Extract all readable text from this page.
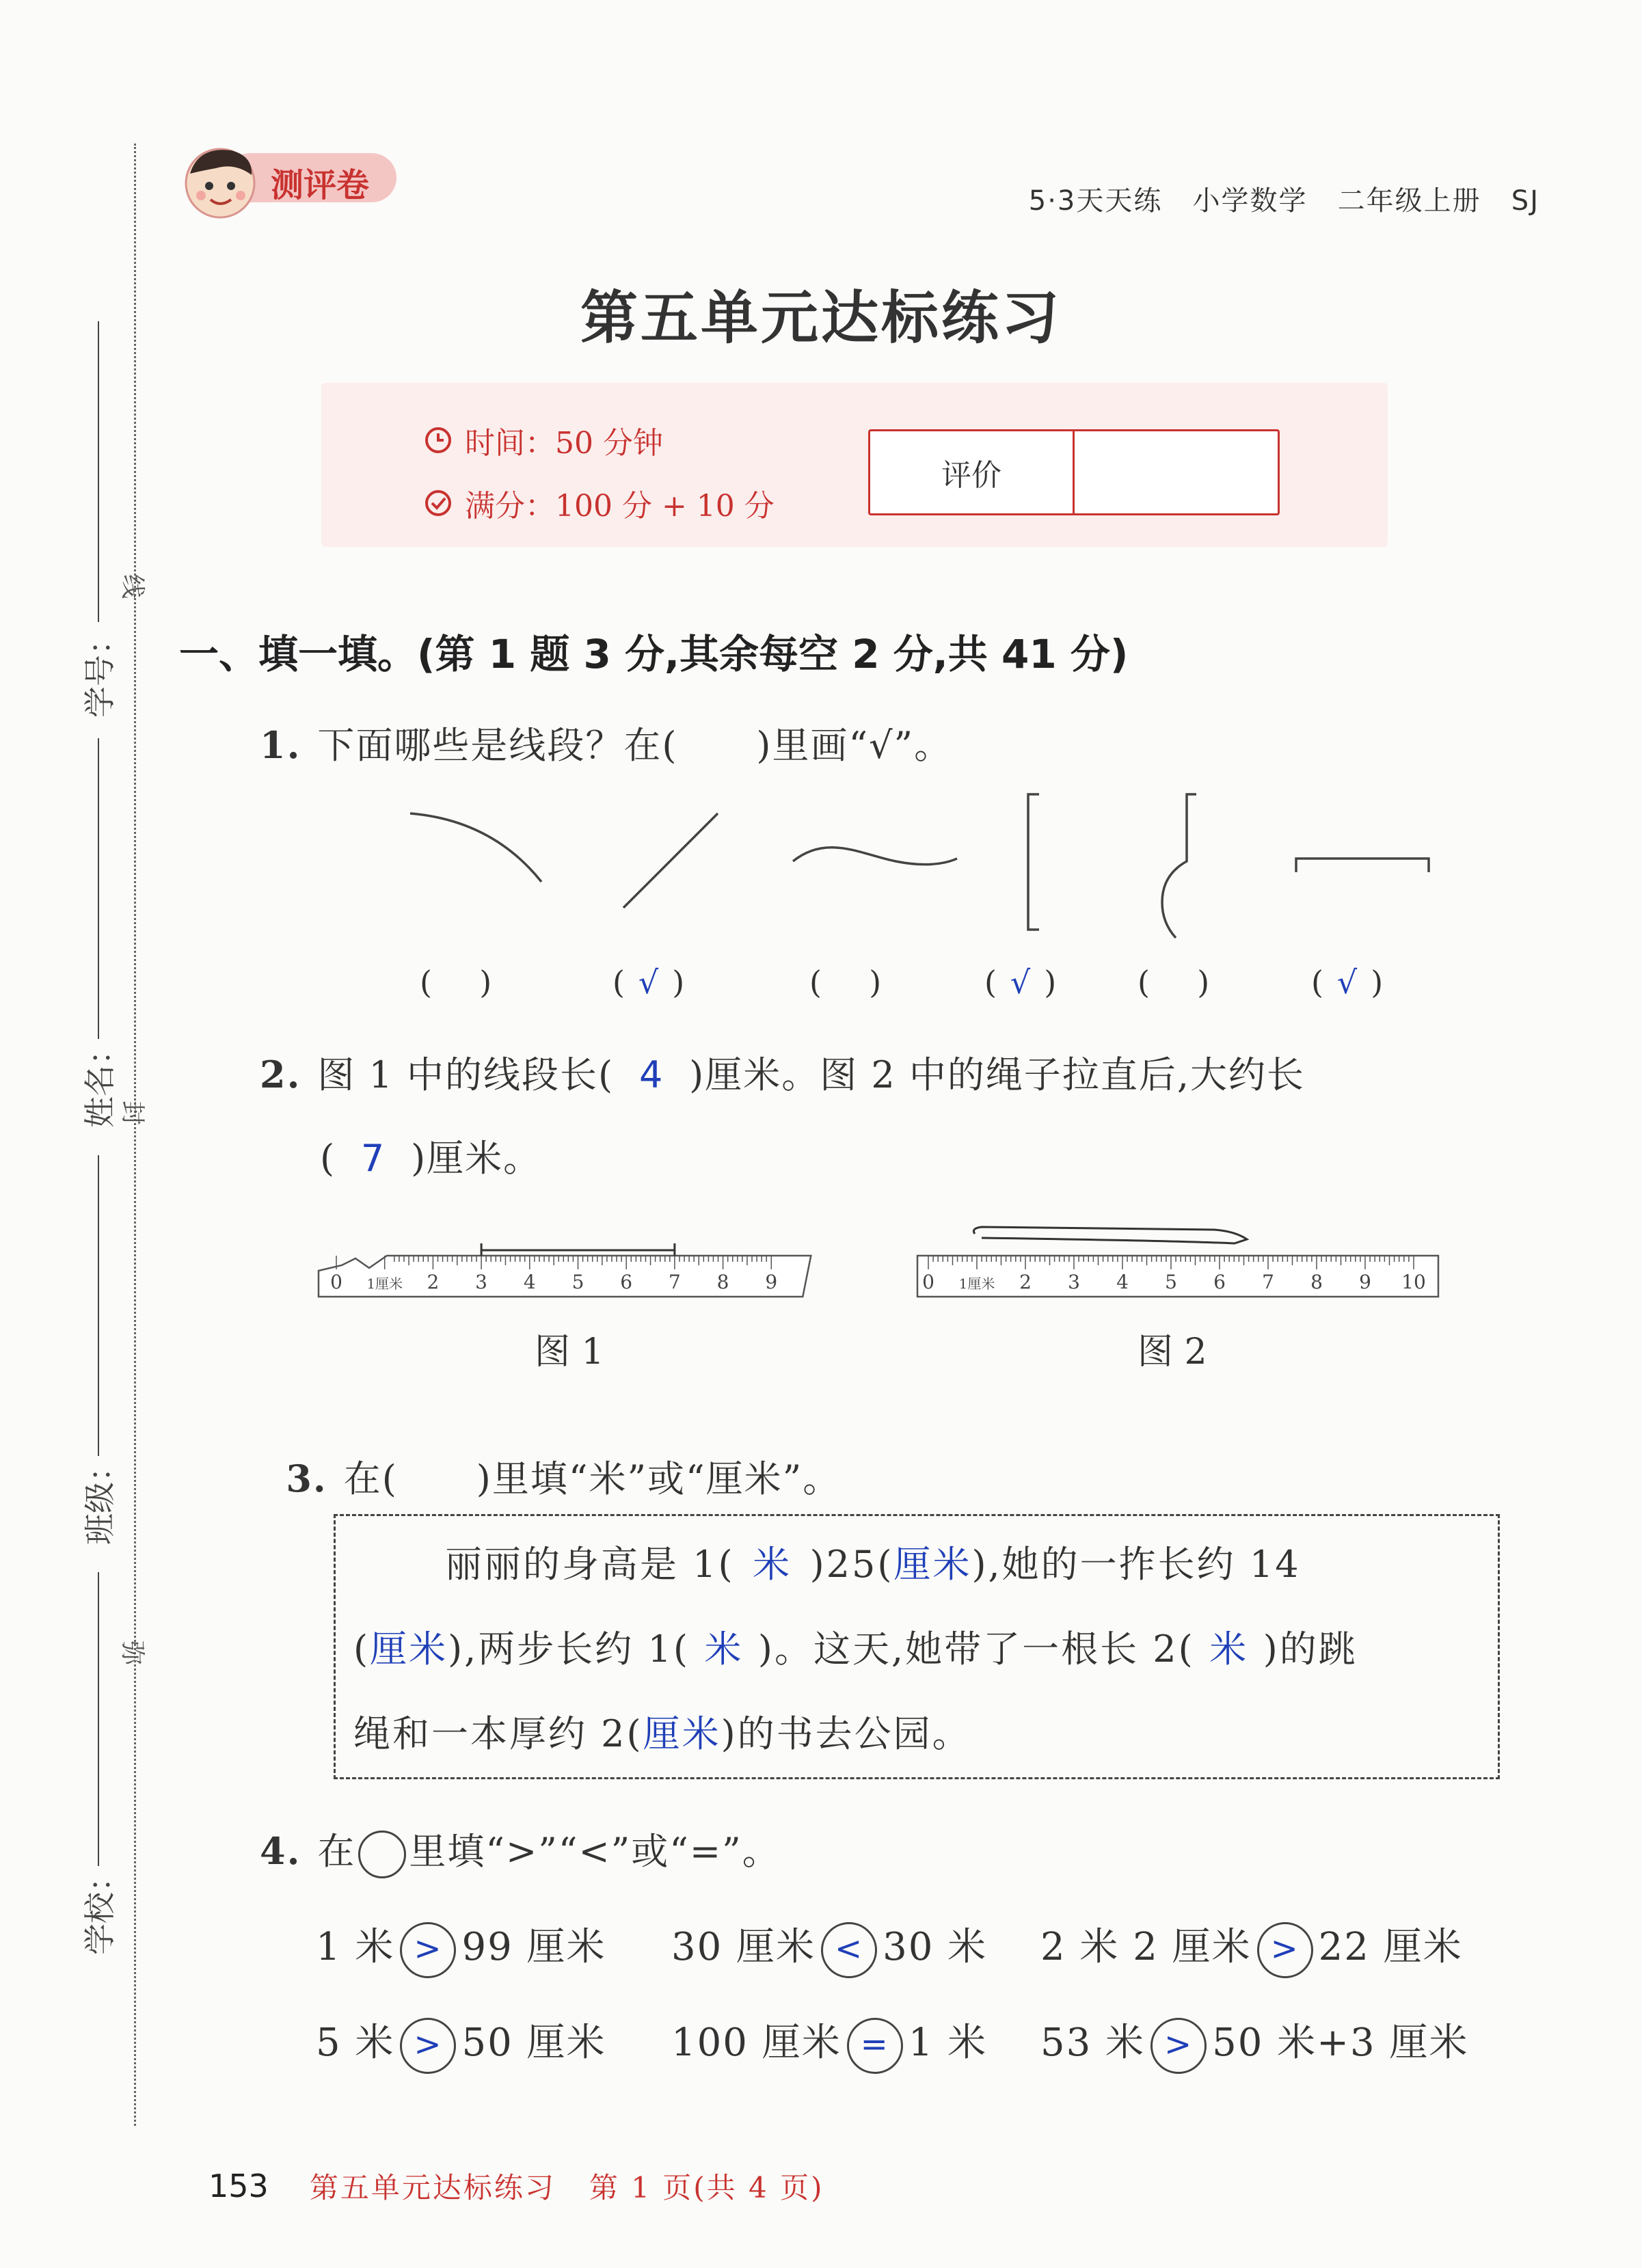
学号：
姓名：
班级：
学校：
线
封
弥
测评卷	5·3天天练   小学数学   二年级上册   SJ
第五单元达标练习
时间：50 分钟
满分：100 分 + 10 分
评价
一、填一填。(第 1 题 3 分,其余每空 2 分,共 41 分)
1. 下面哪些是线段？在(      )里画“√”。
(  )	( √ )	(  )	( √ )	(  )	( √ )
2. 图 1 中的线段长( 4 )厘米。图 2 中的绳子拉直后,大约长
( 7 )厘米。
0 1厘米 2 3 4 5 6 7 8 9	0 1厘米 2 3 4 5 6 7 8 9 10
图 1	图 2

3. 在(      )里填“米”或“厘米”。

丽丽的身高是 1( 米 )25(厘米),她的一拃长约 14
(厘米),两步长约 1( 米 )。这天,她带了一根长 2( 米 )的跳
绳和一本厚约 2(厘米)的书去公园。
4. 在 里填“>”“<”或“=”。
1 米 > 99 厘米 30 厘米 < 30 米 2 米 2 厘米 > 22 厘米
5 米 > 50 厘米 100 厘米 = 1 米 53 米 > 50 米+3 厘米
153 第五单元达标练习   第 1 页(共 4 页)
